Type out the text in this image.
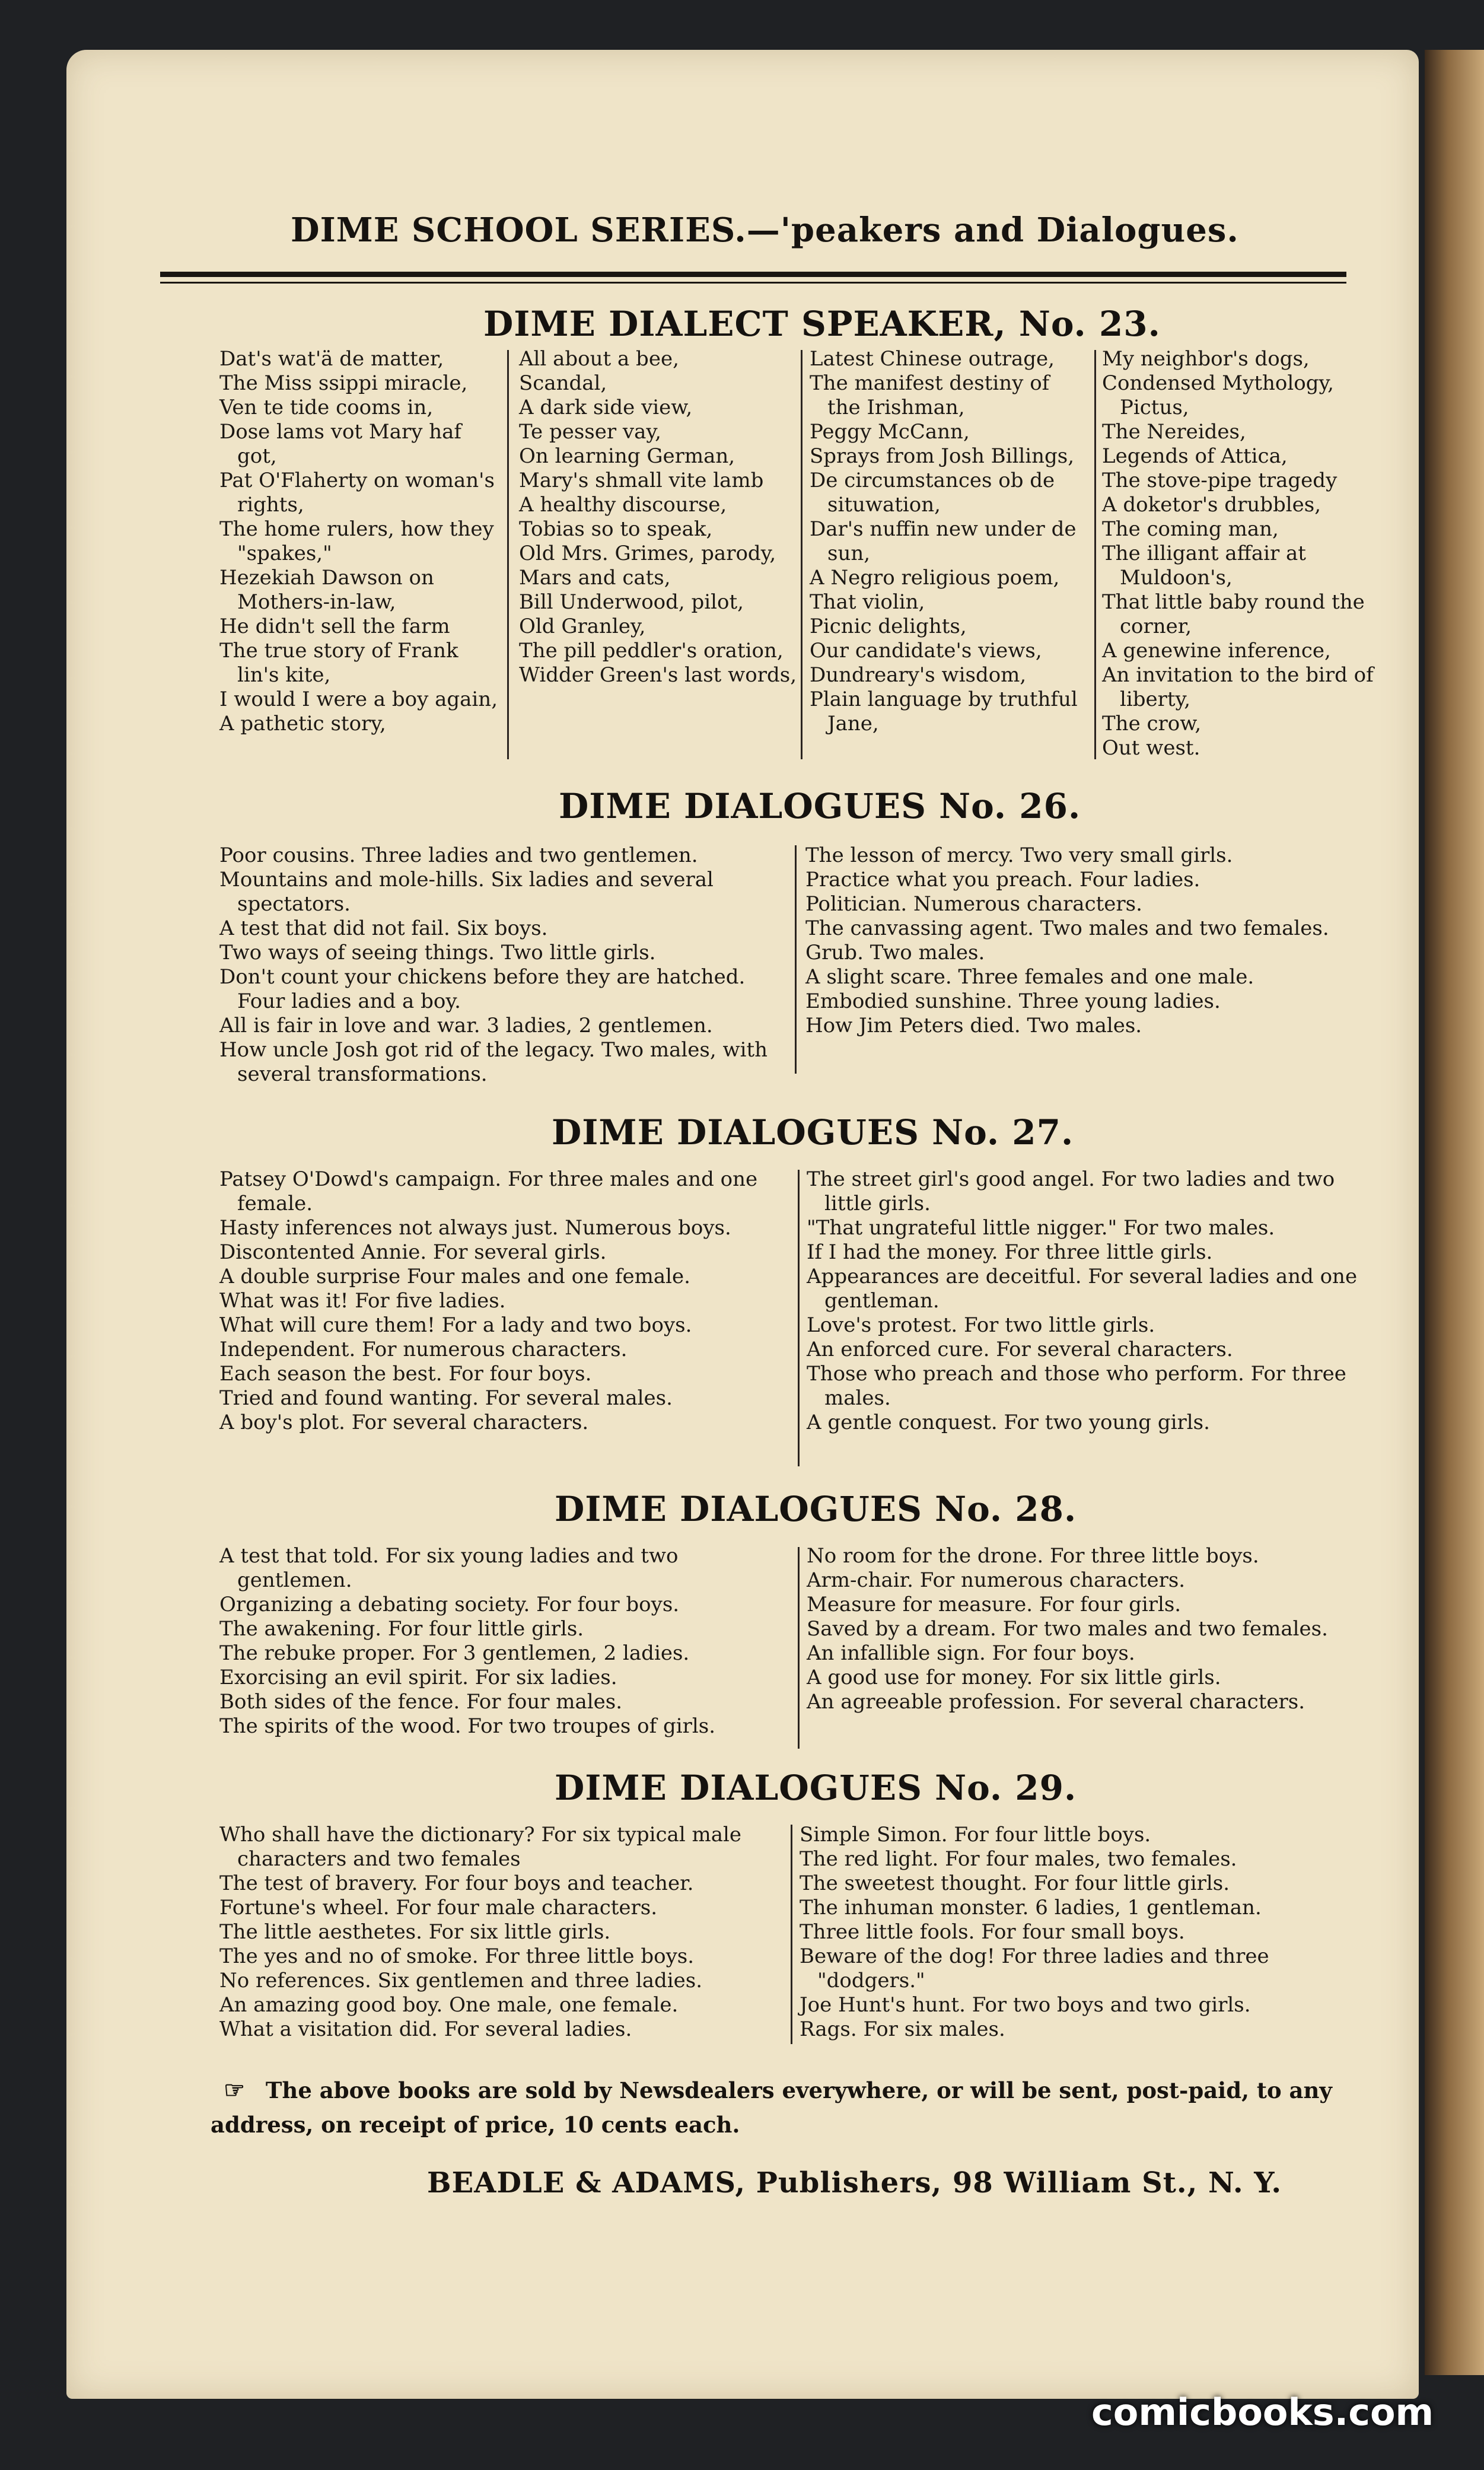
DIME SCHOOL SERIES.—'peakers and Dialogues.
DIME DIALECT SPEAKER, No. 23.
Dat's wat'ä de matter,
The Miss ssippi miracle,
Ven te tide cooms in,
Dose lams vot Mary haf got,
Pat O'Flaherty on woman's rights,
The home rulers, how they "spakes,"
Hezekiah Dawson on Mothers-in-law,
He didn't sell the farm
The true story of Frank lin's kite,
I would I were a boy again,
A pathetic story,
All about a bee,
Scandal,
A dark side view,
Te pesser vay,
On learning German,
Mary's shmall vite lamb
A healthy discourse,
Tobias so to speak,
Old Mrs. Grimes, parody,
Mars and cats,
Bill Underwood, pilot,
Old Granley,
The pill peddler's oration,
Widder Green's last words,
Latest Chinese outrage,
The manifest destiny of the Irishman,
Peggy McCann,
Sprays from Josh Billings,
De circumstances ob de situwation,
Dar's nuffin new under de sun,
A Negro religious poem,
That violin,
Picnic delights,
Our candidate's views,
Dundreary's wisdom,
Plain language by truthful Jane,
My neighbor's dogs,
Condensed Mythology, Pictus,
The Nereides,
Legends of Attica,
The stove-pipe tragedy
A doketor's drubbles,
The coming man,
The illigant affair at Muldoon's,
That little baby round the corner,
A genewine inference,
An invitation to the bird of liberty,
The crow,
Out west.
DIME DIALOGUES No. 26.
Poor cousins. Three ladies and two gentlemen.
Mountains and mole-hills. Six ladies and several spectators.
A test that did not fail. Six boys.
Two ways of seeing things. Two little girls.
Don't count your chickens before they are hatched. Four ladies and a boy.
All is fair in love and war. 3 ladies, 2 gentlemen.
How uncle Josh got rid of the legacy. Two males, with several transformations.
The lesson of mercy. Two very small girls.
Practice what you preach. Four ladies.
Politician. Numerous characters.
The canvassing agent. Two males and two females.
Grub. Two males.
A slight scare. Three females and one male.
Embodied sunshine. Three young ladies.
How Jim Peters died. Two males.
DIME DIALOGUES No. 27.
Patsey O'Dowd's campaign. For three males and one female.
Hasty inferences not always just. Numerous boys.
Discontented Annie. For several girls.
A double surprise Four males and one female.
What was it! For five ladies.
What will cure them! For a lady and two boys.
Independent. For numerous characters.
Each season the best. For four boys.
Tried and found wanting. For several males.
A boy's plot. For several characters.
The street girl's good angel. For two ladies and two little girls.
"That ungrateful little nigger." For two males.
If I had the money. For three little girls.
Appearances are deceitful. For several ladies and one gentleman.
Love's protest. For two little girls.
An enforced cure. For several characters.
Those who preach and those who perform. For three males.
A gentle conquest. For two young girls.
DIME DIALOGUES No. 28.
A test that told. For six young ladies and two gentlemen.
Organizing a debating society. For four boys.
The awakening. For four little girls.
The rebuke proper. For 3 gentlemen, 2 ladies.
Exorcising an evil spirit. For six ladies.
Both sides of the fence. For four males.
The spirits of the wood. For two troupes of girls.
No room for the drone. For three little boys.
Arm-chair. For numerous characters.
Measure for measure. For four girls.
Saved by a dream. For two males and two females.
An infallible sign. For four boys.
A good use for money. For six little girls.
An agreeable profession. For several characters.
DIME DIALOGUES No. 29.
Who shall have the dictionary? For six typical male characters and two females
The test of bravery. For four boys and teacher.
Fortune's wheel. For four male characters.
The little aesthetes. For six little girls.
The yes and no of smoke. For three little boys.
No references. Six gentlemen and three ladies.
An amazing good boy. One male, one female.
What a visitation did. For several ladies.
Simple Simon. For four little boys.
The red light. For four males, two females.
The sweetest thought. For four little girls.
The inhuman monster. 6 ladies, 1 gentleman.
Three little fools. For four small boys.
Beware of the dog! For three ladies and three "dodgers."
Joe Hunt's hunt. For two boys and two girls.
Rags. For six males.
☞ The above books are sold by Newsdealers everywhere, or will be sent, post-paid, to any address, on receipt of price, 10 cents each.
BEADLE & ADAMS, Publishers, 98 William St., N. Y.
comicbooks.com
